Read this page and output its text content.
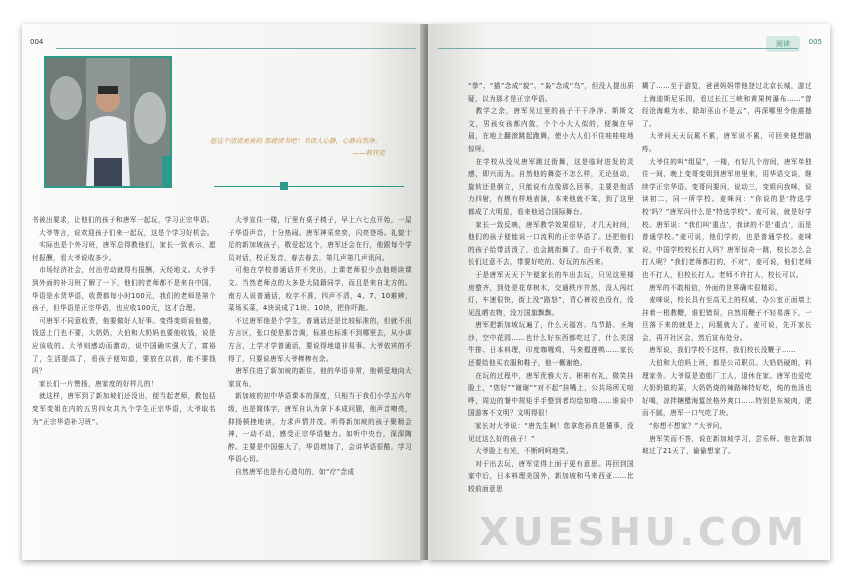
004
愿这个清清亮亮的 那就读书吧！书读人心静，心静自然净。
——韩祥克
书被出要求，让他们的孩子和唐军一起玩，学习正宗华语。
　大爷等言，说欢迎孩子们来一起玩，这是个学习好机会。
　实际也是个外习班，唐军总得教他们，家长一致表示，愿付报酬，看大爷说收多少。
　市场经济社会，付出劳动就得有报酬，天经地义。大爷手到外面的补习班了解了一下，他们的老师都不是来自中国，华语是水货华语，收费都每小时100元，我们的老师是第个孩子，但华语是正宗华语，也应收100元，这才合理。
　可唐军不同意收费，他要做好人好事。变得变姐说他傻，钱送上门也不要，大奶奶，大伯和大奶妈也要他收钱，说是应该收的。大爷则感动而激动，说中国确实强大了，富裕了，生活提高了，看孩子便知道，要放在以前，能不要钱吗？
　家长们一片赞扬，唐家度的好样儿的！
　就这样，唐军到了新加坡们还没出，便当起老师，教包括变军变姐在内的五男四女共九个学生正宗华语，大爷取名为“正宗华语补习班”。
　大爷宣住一楼，厅里有桌子椅子，早上六七点开始，一屋子华语声音，十分热闹。唐军神采奕奕，闪亮登场。礼貌十足的新加坡孩子，敬爱起这个，唐军还会在行，他跟每个学员对话，校正发音，春去春去，第几声第几声讯问。
　可他在学校普通话并不突出，上课老师很少点他朗读课文。当然老师点的大多是大陆籍同学，而且是来自北方的。南方人说普通话，咬字不准，四声不清，4、7、10难辨，菜场买菜，4块说成了1块、10块，把你吓跑。
　不过唐军他是个学生，普通话还是比较标准的，但就不出方言区，张口便是那音调，标准也标准不到哪里去，从小讲方言，上学才学普通话，要说得地道非易事。大爷依宾的不得了，只要说唐军大爷棒棒有余。
　唐军住进了新加坡的新住，他的华语非常，他顿爱地向大家宣布，
　新加坡的初中华语课本的深度，只相当于我们小学五六年级，也是简体字，唐军自认为拿下本成问题，他声音嘹亮，抑扬顿挫地读，力求声情并茂。听得新加坡的孩子聚精会神，一动不动，感受正宗华语魅力。如听中央台，深深陶醉。主要是中国强大了，华语增加了，会讲华语很酷，学习华语心切。
　自然唐军也是有心造句的，如“疗”念成
阅读	005
“拳”、“猫”念成“貌”、“枭”念成“鸟”，但没人提出质疑，以为那才是正宗华语。
　教学之余，唐军见过里的孩子干干净净、斯斯文文，男孩女孩都内敛，个个小大人似的，便搁在早晨，在地上翻滚跳起跑舞，使小大人们不住哇哇哇地惊呀。
　在学校从没见唐军跳过街舞，这是临时进发的灵感，即兴而为。自然他的舞姿不怎么样，无论扭动，旋转还是倒立，只能说有点像那么回事，主要是他活力四射，有模有样地表演，本来他就不笨，到了这里都成了大明星，看来他适合国际舞台。
　家长一致反映，唐军教学效果很好，才几天时间，他们的孩子便能说一口流利的正宗华语了。还把他们的孩子给带活泼了，也会跳街舞了。由于不收费，家长们过意不去，带要好吃的、好玩的东西来。
　于是唐军天天下午便家长的车出去玩，只见这里楼房整齐，到处是花草树木，交通秩序井然，没人闯红灯，车速很快，街上没“路怒”，背心裤衩也没有，没见乱晒衣物，没万国旗飘飘。
　唐军把新加坡玩遍了，什么天福宫、乌节路、圣淘沙，空中花园……也什么好东西都吃过了，什么美国牛排、日本料理，印度咖喱鸡，马来榴莲鸭……家长还要给他买衣服和鞋子，他一概谢绝。
　在玩的过程中，唐军优雅大方、彬彬有礼，微笑挂脸上，“您好”“谢谢”“对不起”挂嘴上，公共场所无喧哗，周边的餐中规矩手手整到者均绘知噜……谁说中国游客不文明？文明得很！
　家长对大爷说：“唐先生啊！您拿您孙真是懂事，没见过这么好的孩子！”
　大爷脸上有光，不断呵呵地笑。
　对于出去玩，唐军觉得上面于更有意思。再回到国家中后，日本料理美国外，新加坡和马来西亚……比较前面意思
糊了……至于游览，爸爸妈妈带他登过北京长城，游过上海迪斯尼乐园，看过长江三峡和黄果树瀑布……“曾经沧海难为水，除却巫山不是云”，再深哪里令他震撼了。
　大爷问天天玩累不累，唐军说不累，可回来便想脑疼。
　大爷住的叫“组屋”，一楼，有好几个房间，唐军单独住一间，晚上变哥变姐到唐军房里来，用华语交谈，继续学正宗华语。变哥问要问，说动三，变姐问我咪，说读初二，同一所学校。麦咪问：“你说的是‘特选学校’吗？”唐军问什么是“特选学校”。麦可说，就是好学校。唐军说：“我们叫‘重点’，我读的不是‘重点’，而是普通学校。”麦可说，他们学的，也是普通学校。麦咪说，中国学校校长打人吗？唐军惊奇一跳，校长怎么会打人呢？“我们老师都打的，不对“，麦可说，他们老师也不打人，但校长打人。老师不许打人，校长可以。
　唐军的不敢相信，外面的世界确实很精彩。
　麦咪说，校长具有至高无上的权威，办公室正面墙上挂着一根教鞭，谁犯错误，自然用鞭子不轻易落下，一旦落下来的就是上，问题就大了。麦可说，先开家长会，再开社区会，然后宣布处分。
　唐军说，我们学校不这样，我们校长没鞭子……
　大伯和大伯妈上班，都是公司职员。大奶奶硬朗，料理家务。大爷原是造船厂工人，退休在家。唐军也爱吃大奶奶做的菜，大奶奶烧的辣路辣特好吃，炖的鱼汤也好喝，凉拌糖醋海蜇丝格外爽口……特别是东坡肉，肥而不腻，唐军一口气吃了块。
　“你想不想家？”大爷问。
　唐军笑而不答，说在新加坡学习，尝乐呀。他在新加坡过了21天了，偷偷想家了。
XUESHU.COM
